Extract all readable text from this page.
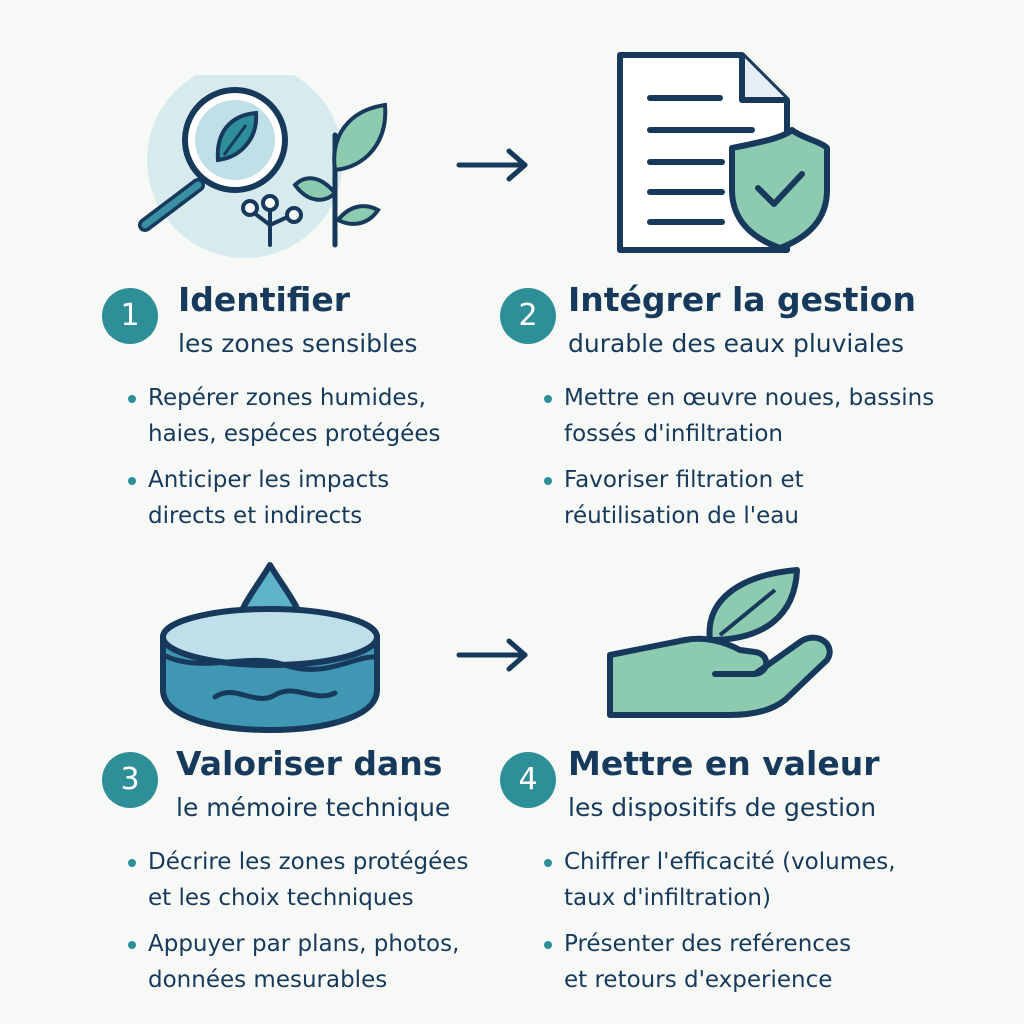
1	Identifier
les zones sensibles
Repérer zones humides,
haies, espéces protégées
Anticiper les impacts
directs et indirects
2 Intégrer la gestion
durable des eaux pluviales
Mettre en œuvre noues, bassins
fossés d'infiltration
Favoriser filtration et
réutilisation de l'eau
3	Valoriser dans
le mémoire technique
Décrire les zones protégées
et les choix techniques
Appuyer par plans, photos,
données mesurables
4 Mettre en valeur
les dispositifs de gestion
Chiffrer l'efficacité (volumes,
taux d'infiltration)
Présenter des reférences
et retours d'experience
